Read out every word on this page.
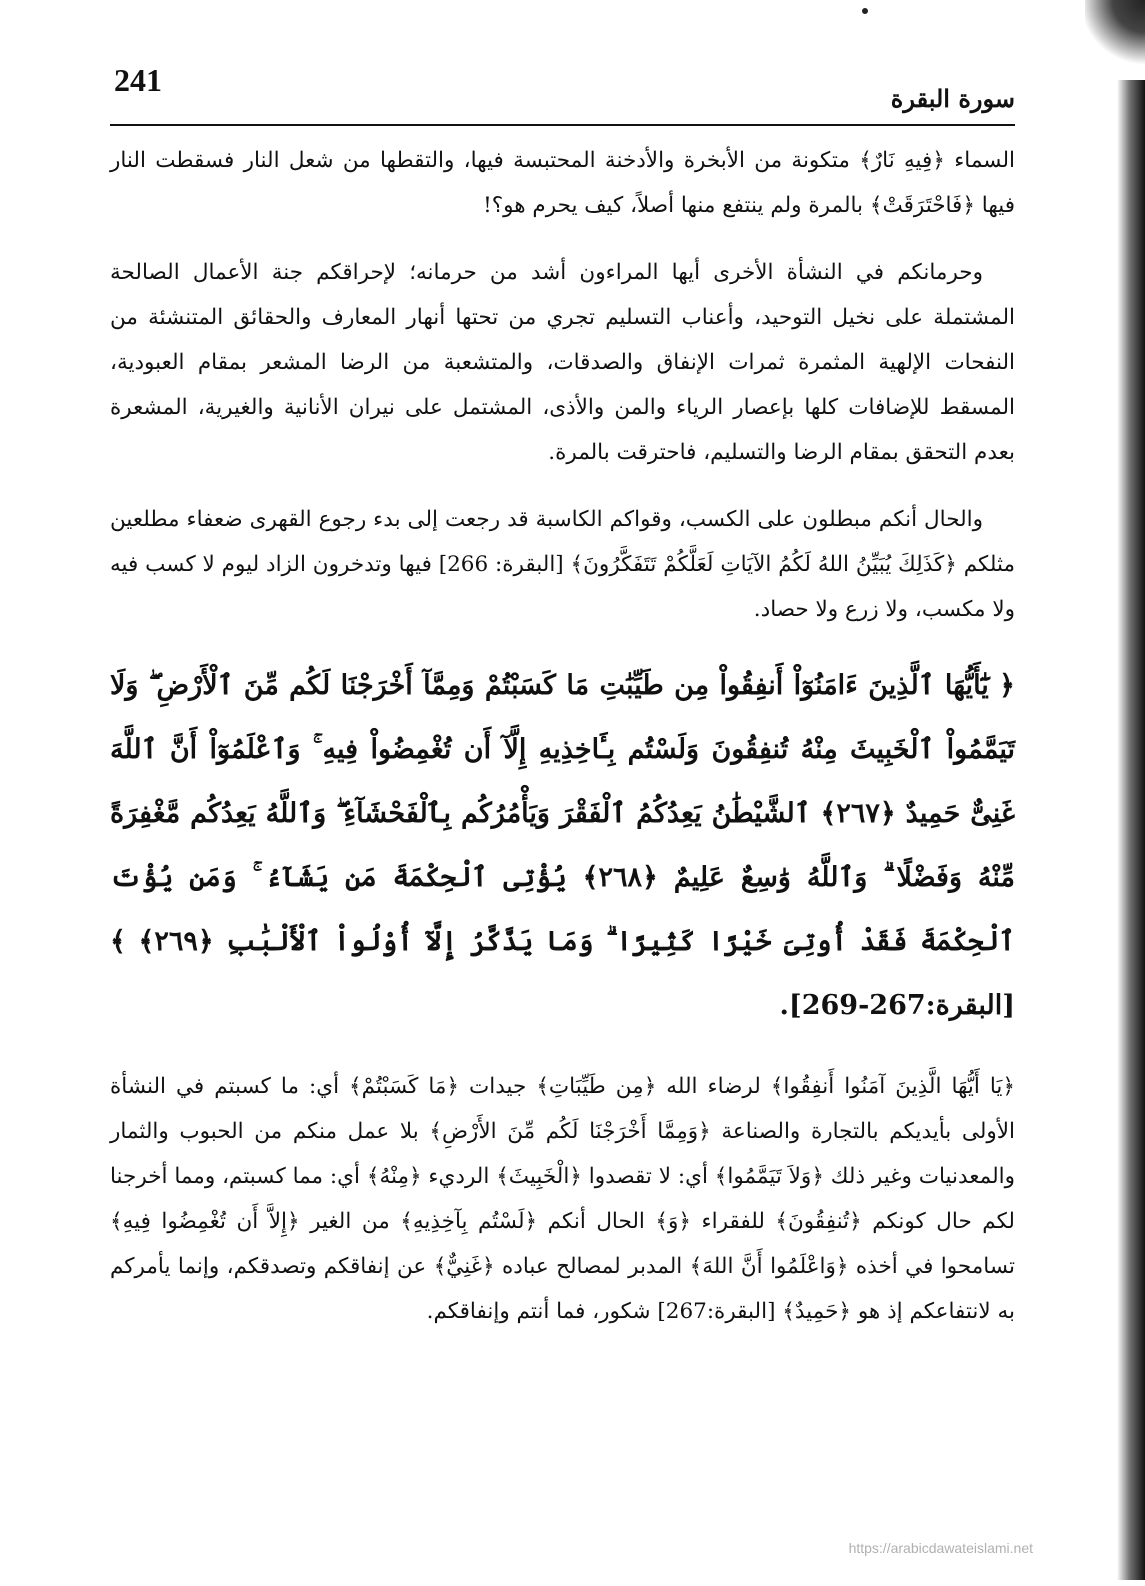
241
سورة البقرة

السماء ﴿فِيهِ نَارٌ﴾ متكونة من الأبخرة والأدخنة المحتبسة فيها، والتقطها من شعل النار فسقطت النار فيها ﴿فَاحْتَرَقَتْ﴾ بالمرة ولم ينتفع منها أصلاً، كيف يحرم هو؟!

وحرمانكم في النشأة الأخرى أيها المراءون أشد من حرمانه؛ لإحراقكم جنة الأعمال الصالحة المشتملة على نخيل التوحيد، وأعناب التسليم تجري من تحتها أنهار المعارف والحقائق المتنشئة من النفحات الإلهية المثمرة ثمرات الإنفاق والصدقات، والمتشعبة من الرضا المشعر بمقام العبودية، المسقط للإضافات كلها بإعصار الرياء والمن والأذى، المشتمل على نيران الأنانية والغيرية، المشعرة بعدم التحقق بمقام الرضا والتسليم، فاحترقت بالمرة.

والحال أنكم مبطلون على الكسب، وقواكم الكاسبة قد رجعت إلى بدء رجوع القهرى ضعفاء مطلعين مثلكم ﴿كَذَلِكَ يُبَيِّنُ اللهُ لَكُمُ الآيَاتِ لَعَلَّكُمْ تَتَفَكَّرُونَ﴾ [البقرة: 266] فيها وتدخرون الزاد ليوم لا كسب فيه ولا مكسب، ولا زرع ولا حصاد.

﴿ يَٰٓأَيُّهَا ٱلَّذِينَ ءَامَنُوٓاْ أَنفِقُواْ مِن طَيِّبَٰتِ مَا كَسَبْتُمْ وَمِمَّآ أَخْرَجْنَا لَكُم مِّنَ ٱلْأَرْضِ ۖ وَلَا تَيَمَّمُواْ ٱلْخَبِيثَ مِنْهُ تُنفِقُونَ وَلَسْتُم بِـَٔاخِذِيهِ إِلَّآ أَن تُغْمِضُواْ فِيهِ ۚ وَٱعْلَمُوٓاْ أَنَّ ٱللَّهَ غَنِىٌّ حَمِيدٌ ﴿٢٦٧﴾ ٱلشَّيْطَٰنُ يَعِدُكُمُ ٱلْفَقْرَ وَيَأْمُرُكُم بِٱلْفَحْشَآءِ ۖ وَٱللَّهُ يَعِدُكُم مَّغْفِرَةً مِّنْهُ وَفَضْلًا ۗ وَٱللَّهُ وَٰسِعٌ عَلِيمٌ ﴿٢٦٨﴾ يُؤْتِى ٱلْحِكْمَةَ مَن يَشَآءُ ۚ وَمَن يُؤْتَ ٱلْحِكْمَةَ فَقَدْ أُوتِىَ خَيْرًا كَثِيرًا ۗ وَمَا يَذَّكَّرُ إِلَّآ أُوْلُواْ ٱلْأَلْبَٰبِ ﴿٢٦٩﴾ ﴾ [البقرة:267-269].

﴿يَا أَيُّهَا الَّذِينَ آمَنُوا أَنفِقُوا﴾ لرضاء الله ﴿مِن طَيِّبَاتِ﴾ جيدات ﴿مَا كَسَبْتُمْ﴾ أي: ما كسبتم في النشأة الأولى بأيديكم بالتجارة والصناعة ﴿وَمِمَّا أَخْرَجْنَا لَكُم مِّنَ الأَرْضِ﴾ بلا عمل منكم من الحبوب والثمار والمعدنيات وغير ذلك ﴿وَلاَ تَيَمَّمُوا﴾ أي: لا تقصدوا ﴿الْخَبِيثَ﴾ الرديء ﴿مِنْهُ﴾ أي: مما كسبتم، ومما أخرجنا لكم حال كونكم ﴿تُنفِقُونَ﴾ للفقراء ﴿وَ﴾ الحال أنكم ﴿لَسْتُم بِآخِذِيهِ﴾ من الغير ﴿إِلاَّ أَن تُغْمِضُوا فِيهِ﴾ تسامحوا في أخذه ﴿وَاعْلَمُوا أَنَّ اللهَ﴾ المدبر لمصالح عباده ﴿غَنِيٌّ﴾ عن إنفاقكم وتصدقكم، وإنما يأمركم به لانتفاعكم إذ هو ﴿حَمِيدٌ﴾ [البقرة:267] شكور، فما أنتم وإنفاقكم.

https://arabicdawateislami.net
